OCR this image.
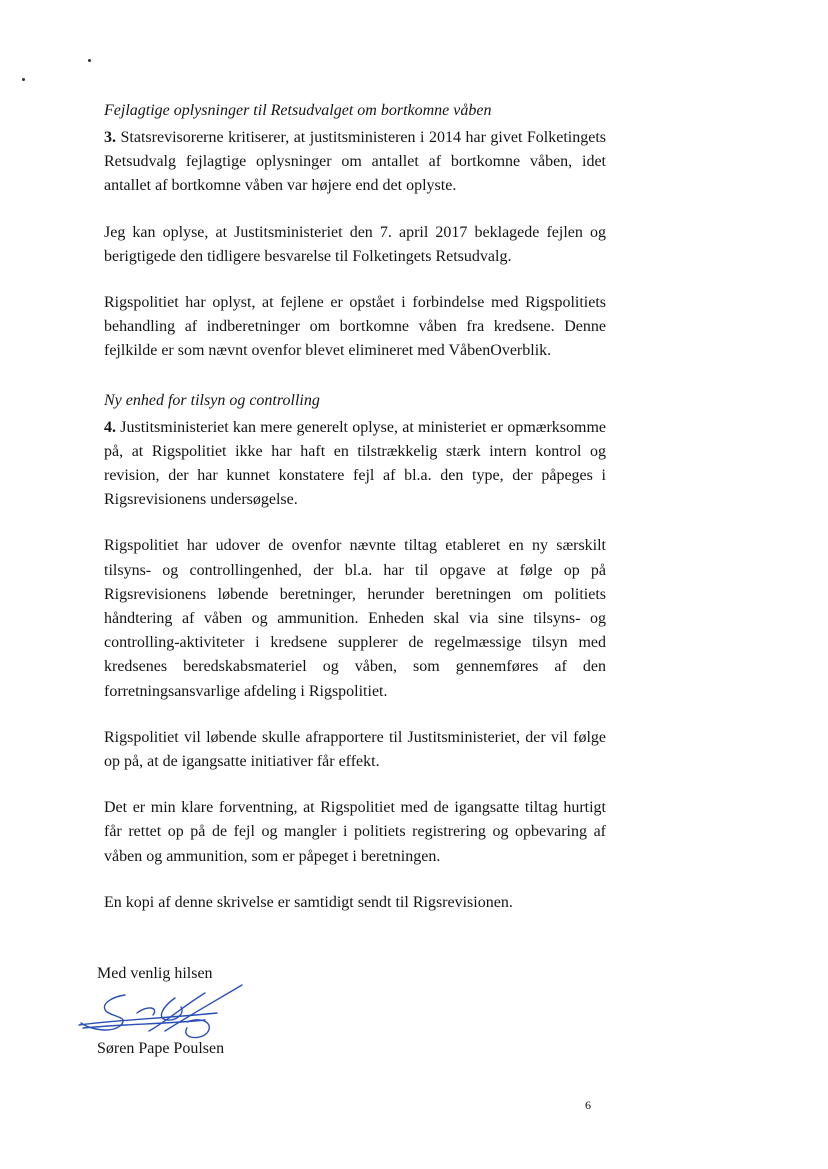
Fejlagtige oplysninger til Retsudvalget om bortkomne våben

3. Statsrevisorerne kritiserer, at justitsministeren i 2014 har givet Folketingets Retsudvalg fejlagtige oplysninger om antallet af bortkomne våben, idet antallet af bortkomne våben var højere end det oplyste.

Jeg kan oplyse, at Justitsministeriet den 7. april 2017 beklagede fejlen og berigtigede den tidligere besvarelse til Folketingets Retsudvalg.

Rigspolitiet har oplyst, at fejlene er opstået i forbindelse med Rigspolitiets behandling af indberetninger om bortkomne våben fra kredsene. Denne fejlkilde er som nævnt ovenfor blevet elimineret med VåbenOverblik.

Ny enhed for tilsyn og controlling

4. Justitsministeriet kan mere generelt oplyse, at ministeriet er opmærksomme på, at Rigspolitiet ikke har haft en tilstrækkelig stærk intern kontrol og revision, der har kunnet konstatere fejl af bl.a. den type, der påpeges i Rigsrevisionens undersøgelse.

Rigspolitiet har udover de ovenfor nævnte tiltag etableret en ny særskilt tilsyns- og controllingenhed, der bl.a. har til opgave at følge op på Rigsrevisionens løbende beretninger, herunder beretningen om politiets håndtering af våben og ammunition. Enheden skal via sine tilsyns- og controlling-aktiviteter i kredsene supplerer de regelmæssige tilsyn med kredsenes beredskabsmateriel og våben, som gennemføres af den forretningsansvarlige afdeling i Rigspolitiet.

Rigspolitiet vil løbende skulle afrapportere til Justitsministeriet, der vil følge op på, at de igangsatte initiativer får effekt.

Det er min klare forventning, at Rigspolitiet med de igangsatte tiltag hurtigt får rettet op på de fejl og mangler i politiets registrering og opbevaring af våben og ammunition, som er påpeget i beretningen.

En kopi af denne skrivelse er samtidigt sendt til Rigsrevisionen.

Med venlig hilsen

Søren Pape Poulsen

6
